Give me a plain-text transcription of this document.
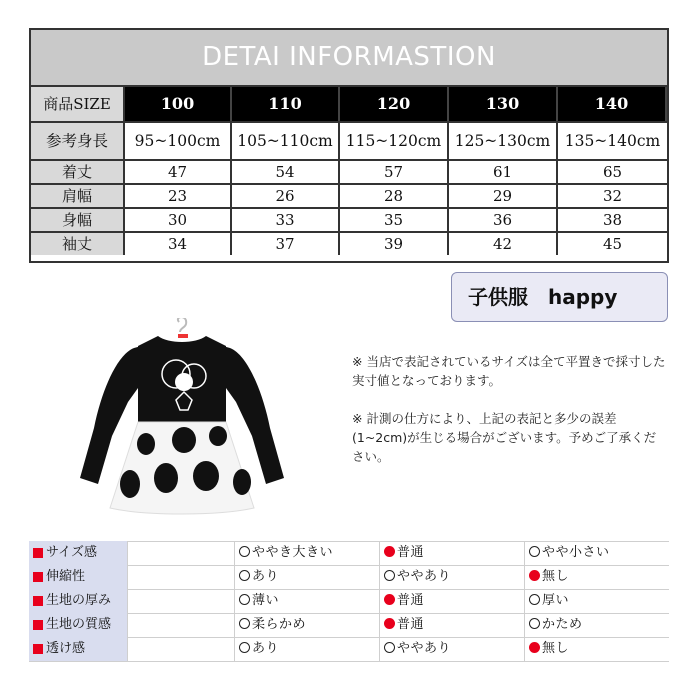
DETAI INFORMASTION
商品SIZE	100	110	120	130	140
参考身長	95~100cm	105~110cm 115~120cm 125~130cm 135~140cm
着丈	47	54	57	61	65
肩幅	23	26	28	29	32
身幅	30	33	35	36	38
袖丈	34	37	39	42	45
子供服　happy
※ 当店で表記されているサイズは全て平置きで採寸した実寸値となっております。
※ 計測の仕方により、上記の表記と多少の誤差(1~2cm)が生じる場合がございます。予めご了承ください。
サイズ感	ややき大きい	普通	やや小さい
伸縮性	あり	ややあり	無し
生地の厚み	薄い	普通	厚い
生地の質感	柔らかめ	普通	かため
透け感	あり	ややあり	無し
